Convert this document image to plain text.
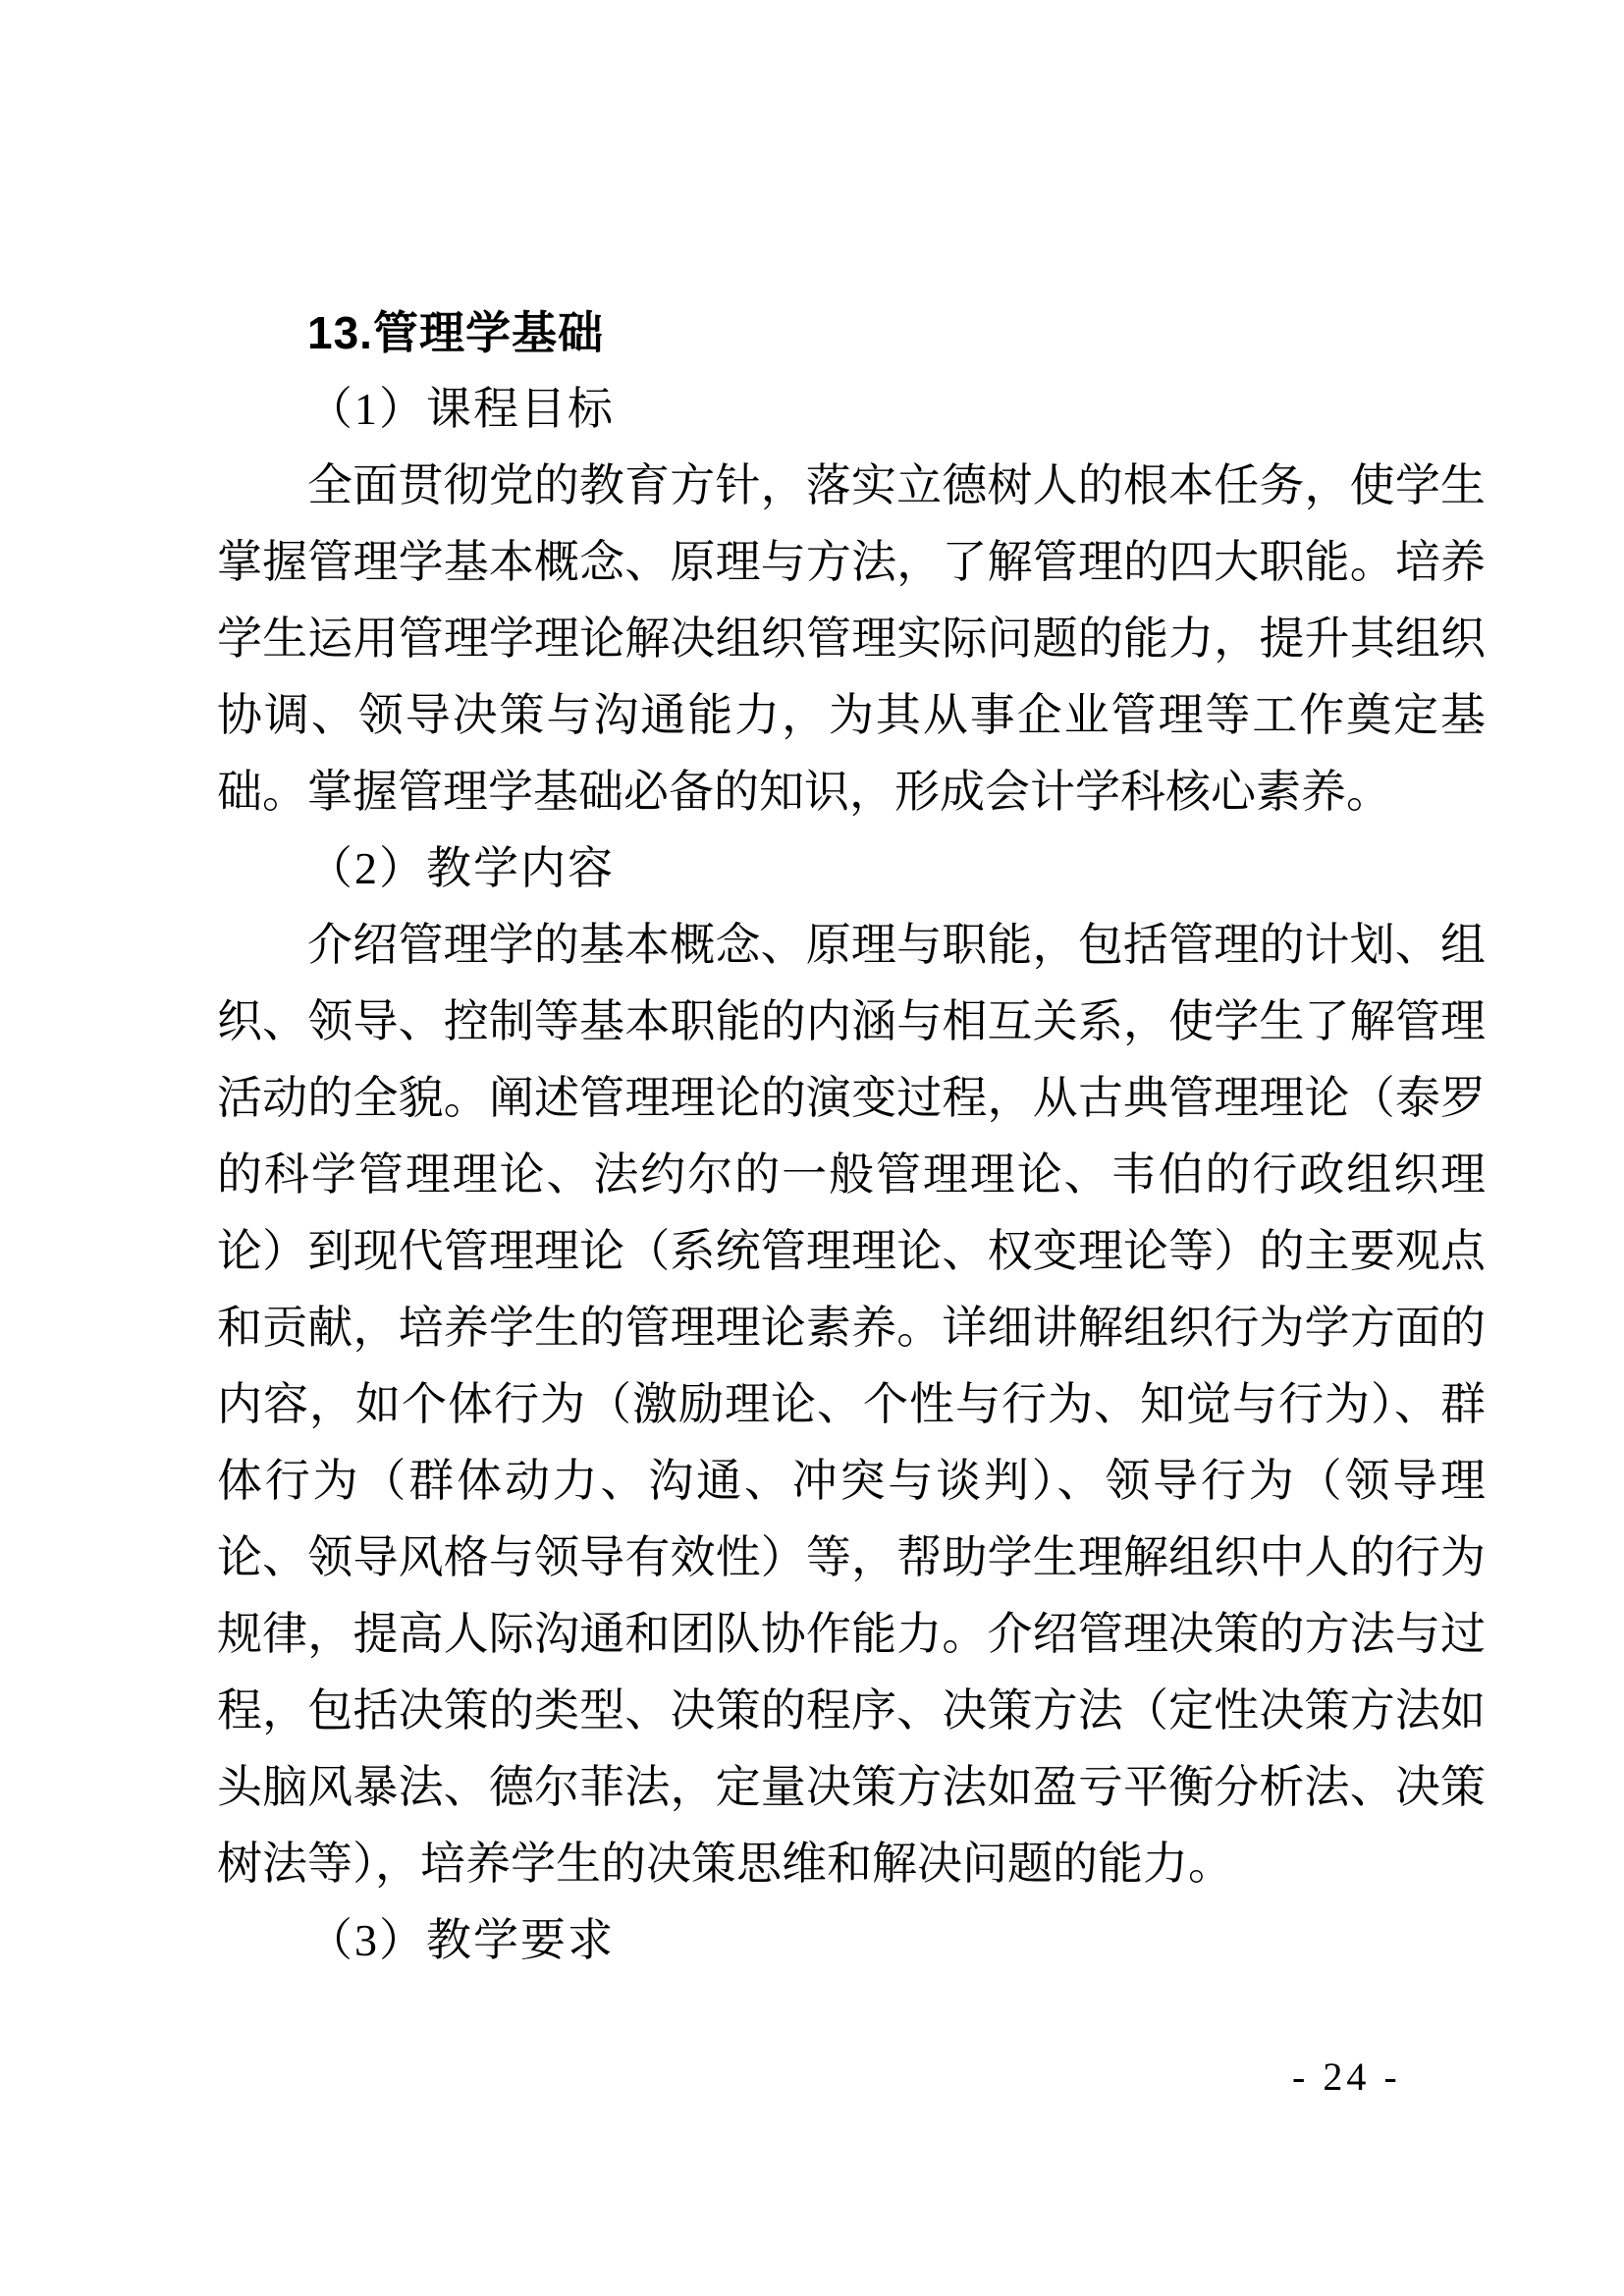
13.管理学基础
（1）课程目标

全面贯彻党的教育方针，落实立德树人的根本任务，使学生掌握管理学基本概念、原理与方法，了解管理的四大职能。培养学生运用管理学理论解决组织管理实际问题的能力，提升其组织协调、领导决策与沟通能力，为其从事企业管理等工作奠定基础。掌握管理学基础必备的知识，形成会计学科核心素养。

（2）教学内容

介绍管理学的基本概念、原理与职能，包括管理的计划、组织、领导、控制等基本职能的内涵与相互关系，使学生了解管理活动的全貌。阐述管理理论的演变过程，从古典管理理论（泰罗的科学管理理论、法约尔的一般管理理论、韦伯的行政组织理论）到现代管理理论（系统管理理论、权变理论等）的主要观点和贡献，培养学生的管理理论素养。详细讲解组织行为学方面的内容，如个体行为（激励理论、个性与行为、知觉与行为）、群体行为（群体动力、沟通、冲突与谈判）、领导行为（领导理论、领导风格与领导有效性）等，帮助学生理解组织中人的行为规律，提高人际沟通和团队协作能力。介绍管理决策的方法与过程，包括决策的类型、决策的程序、决策方法（定性决策方法如头脑风暴法、德尔菲法，定量决策方法如盈亏平衡分析法、决策树法等），培养学生的决策思维和解决问题的能力。

（3）教学要求
- 24 -
